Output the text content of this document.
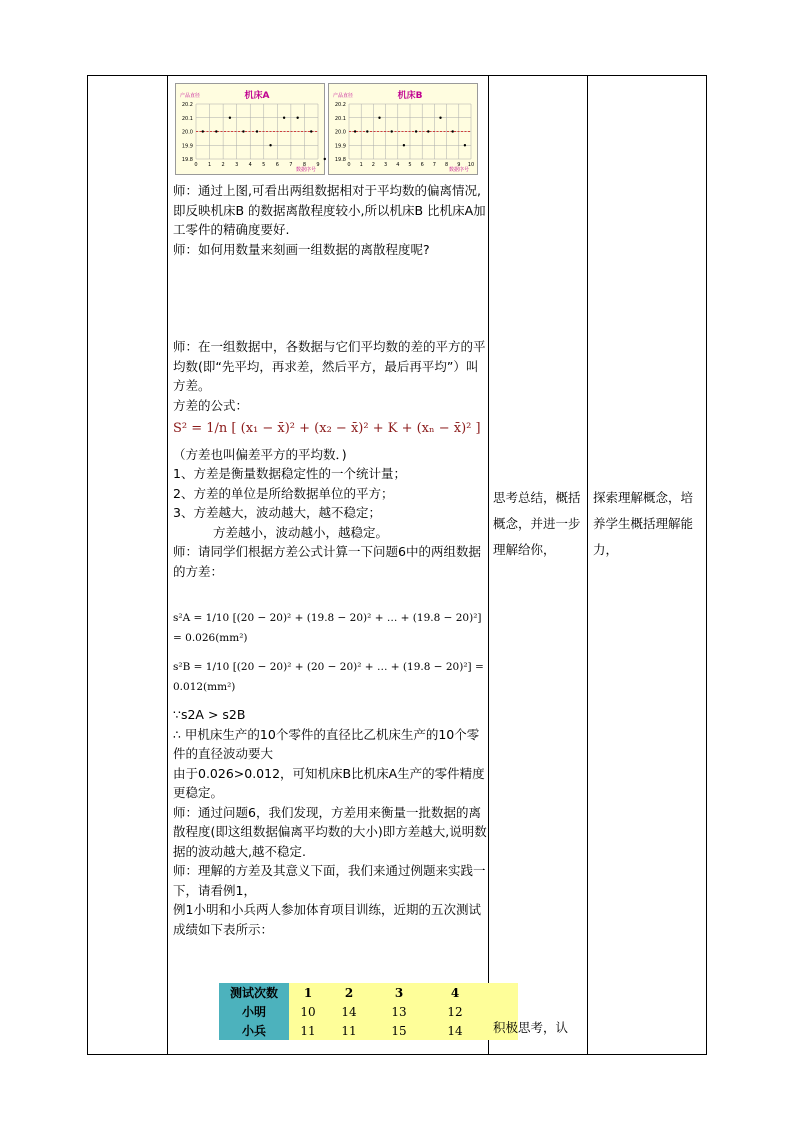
机床A
产品直径
数据序号
0 1 2 3 4 5 6 7 8 9
20.2
20.1
20.0
19.9
19.8
机床B
产品直径
数据序号
0 1 2 3 4 5 6 7 8 9 10
20.2
20.1
20.0
19.9
19.8

师：通过上图,可看出两组数据相对于平均数的偏离情况,即反映机床B 的数据离散程度较小,所以机床B 比机床A加工零件的精确度要好.

师：如何用数量来刻画一组数据的离散程度呢?

师：在一组数据中，各数据与它们平均数的差的平方的平均数(即“先平均，再求差，然后平方，最后再平均”）叫方差。

方差的公式：

S² = 1/n [ (x₁ − x̄)² + (x₂ − x̄)² + K + (xₙ − x̄)² ]

（方差也叫偏差平方的平均数．)

1、方差是衡量数据稳定性的一个统计量；

2、方差的单位是所给数据单位的平方；

3、方差越大，波动越大，越不稳定；

方差越小，波动越小，越稳定。

师：请同学们根据方差公式计算一下问题6中的两组数据的方差：

s²A = 1/10 [(20 − 20)² + (19.8 − 20)² + … + (19.8 − 20)²] = 0.026(mm²)

s²B = 1/10 [(20 − 20)² + (20 − 20)² + … + (19.8 − 20)²] = 0.012(mm²)

∵s2A > s2B

∴ 甲机床生产的10个零件的直径比乙机床生产的10个零件的直径波动要大

由于0.026>0.012，可知机床B比机床A生产的零件精度更稳定。

师：通过问题6，我们发现，方差用来衡量一批数据的离散程度(即这组数据偏离平均数的大小)即方差越大,说明数据的波动越大,越不稳定.

师：理解的方差及其意义下面，我们来通过例题来实践一下，请看例1，

例1小明和小兵两人参加体育项目训练，近期的五次测试成绩如下表所示：

测试次数	1	2	3	4	
小明	10	14	13	12	
小兵	11	11	15	14	
思考总结，概括概念，并进一步理解给你，
积极思考，认
探索理解概念，培养学生概括理解能力，
